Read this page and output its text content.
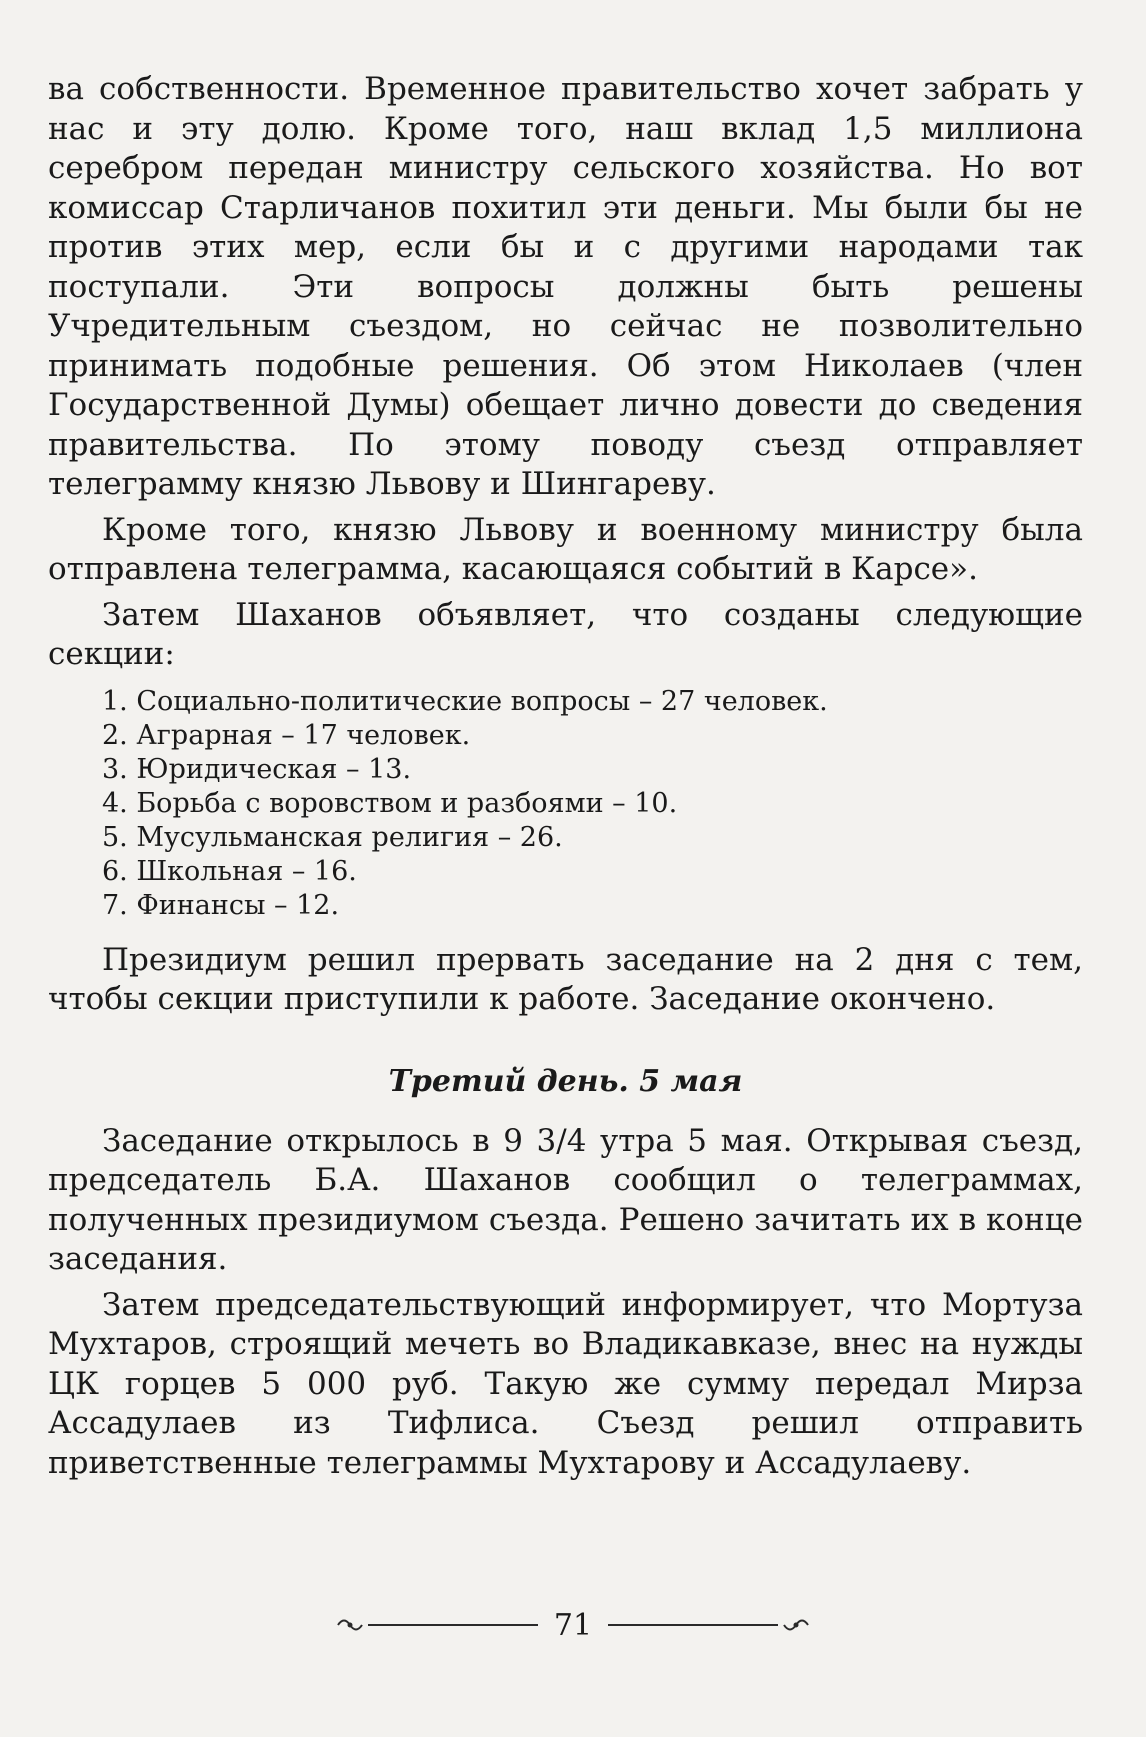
ва собственности. Временное правительство хочет забрать у нас и эту долю. Кроме того, наш вклад 1,5 миллиона серебром передан министру сельского хозяйства. Но вот комиссар Старличанов похитил эти деньги. Мы были бы не против этих мер, если бы и с другими народами так поступали. Эти вопросы должны быть решены Учредительным съездом, но сейчас не позволительно принимать подобные решения. Об этом Николаев (член Государственной Думы) обещает лично довести до сведения правительства. По этому поводу съезд отправляет телеграмму князю Львову и Шингареву.

Кроме того, князю Львову и военному министру была отправлена телеграмма, касающаяся событий в Карсе».

Затем Шаханов объявляет, что созданы следующие секции:

1. Социально-политические вопросы – 27 человек.
2. Аграрная – 17 человек.
3. Юридическая – 13.
4. Борьба с воровством и разбоями – 10.
5. Мусульманская религия – 26.
6. Школьная – 16.
7. Финансы – 12.

Президиум решил прервать заседание на 2 дня с тем, чтобы секции приступили к работе. Заседание окончено.

Третий день. 5 мая

Заседание открылось в 9 3/4 утра 5 мая. Открывая съезд, председатель Б.А. Шаханов сообщил о телеграммах, полученных президиумом съезда. Решено зачитать их в конце заседания.

Затем председательствующий информирует, что Мортуза Мухтаров, строящий мечеть во Владикавказе, внес на нужды ЦК горцев 5 000 руб. Такую же сумму передал Мирза Ассадулаев из Тифлиса. Съезд решил отправить приветственные телеграммы Мухтарову и Ассадулаеву.

71
